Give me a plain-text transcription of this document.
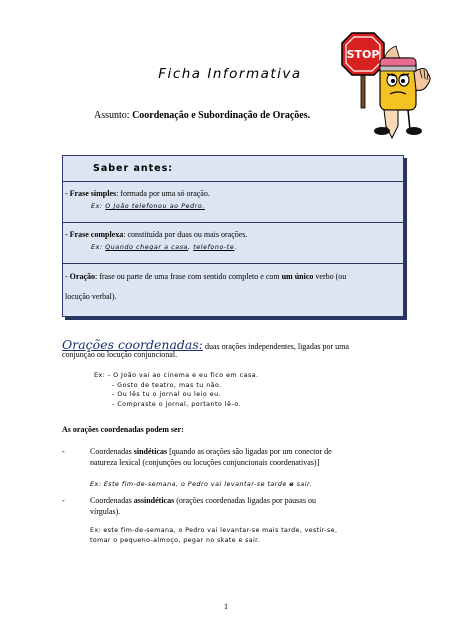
Ficha Informativa
STOP
Assunto: Coordenação e Subordinação de Orações.
Saber antes:
- Frase simples: formada por uma só oração.
Ex: O João telefonou ao Pedro.
- Frase complexa: constituída por duas ou mais orações.
Ex: Quando chegar a casa, telefono-te.
- Oração: frase ou parte de uma frase com sentido completo e com um único verbo (ou
locução verbal).
Orações coordenadas: duas orações independentes, ligadas por uma
conjunção ou locução conjuncional.
Ex: - O João vai ao cinema e eu fico em casa.
- Gosto de teatro, mas tu não.
- Ou lês tu o jornal ou leio eu.
- Compraste o jornal, portanto lê-o.
As orações coordenadas podem ser:
-	Coordenadas sindéticas [quando as orações são ligadas por um conector de
natureza lexical (conjunções ou locuções conjuncionais coordenativas)]
Ex: Este fim-de-semana, o Pedro vai levantar-se tarde e sair.
-	Coordenadas assindéticas (orações coordenadas ligadas por pausas ou
vírgulas).
Ex: este fim-de-semana, o Pedro vai levantar-se mais tarde, vestir-se,
tomar o pequeno-almoço, pegar no skate e sair.
1
